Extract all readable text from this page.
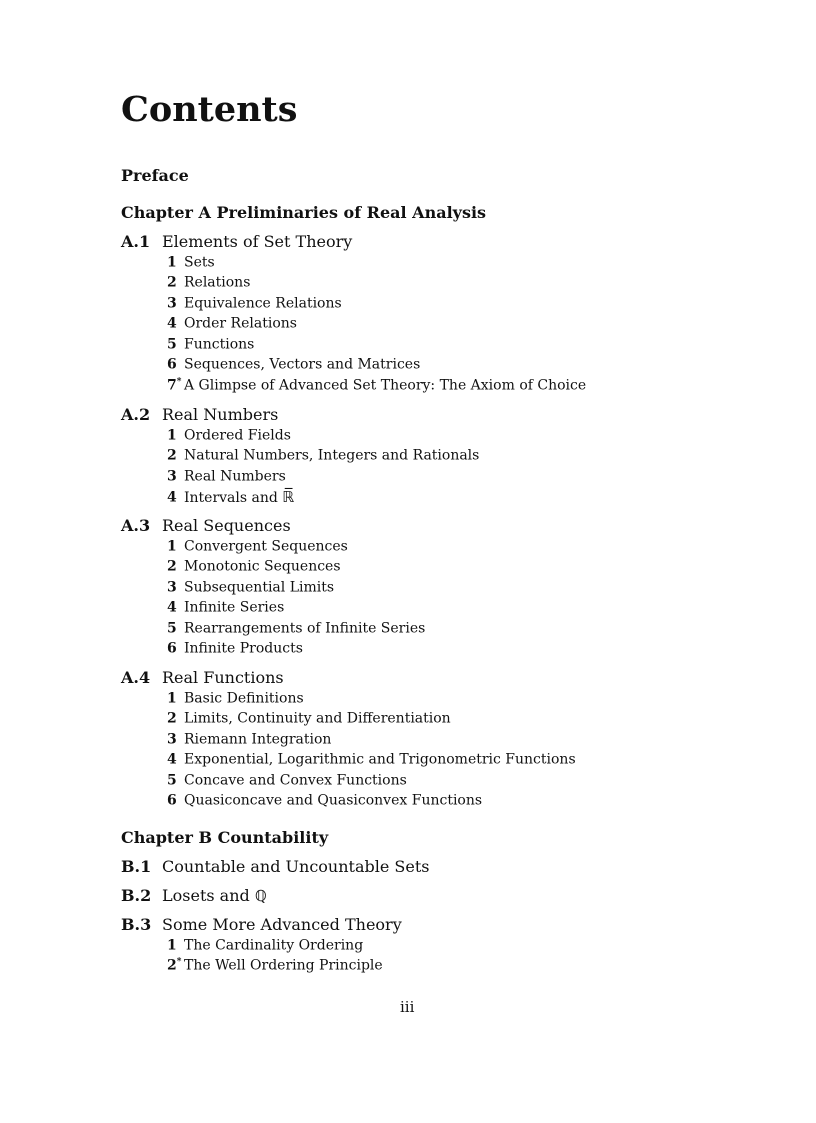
Contents
Preface
Chapter A Preliminaries of Real Analysis
A.1 Elements of Set Theory
1 Sets
2 Relations
3 Equivalence Relations
4 Order Relations
5 Functions
6 Sequences, Vectors and Matrices
7* A Glimpse of Advanced Set Theory: The Axiom of Choice
A.2 Real Numbers
1 Ordered Fields
2 Natural Numbers, Integers and Rationals
3 Real Numbers
4 Intervals and ℝ̅
A.3 Real Sequences
1 Convergent Sequences
2 Monotonic Sequences
3 Subsequential Limits
4 Infinite Series
5 Rearrangements of Infinite Series
6 Infinite Products
A.4 Real Functions
1 Basic Definitions
2 Limits, Continuity and Differentiation
3 Riemann Integration
4 Exponential, Logarithmic and Trigonometric Functions
5 Concave and Convex Functions
6 Quasiconcave and Quasiconvex Functions
Chapter B Countability
B.1 Countable and Uncountable Sets
B.2 Losets and ℚ
B.3 Some More Advanced Theory
1 The Cardinality Ordering
2* The Well Ordering Principle
iii
